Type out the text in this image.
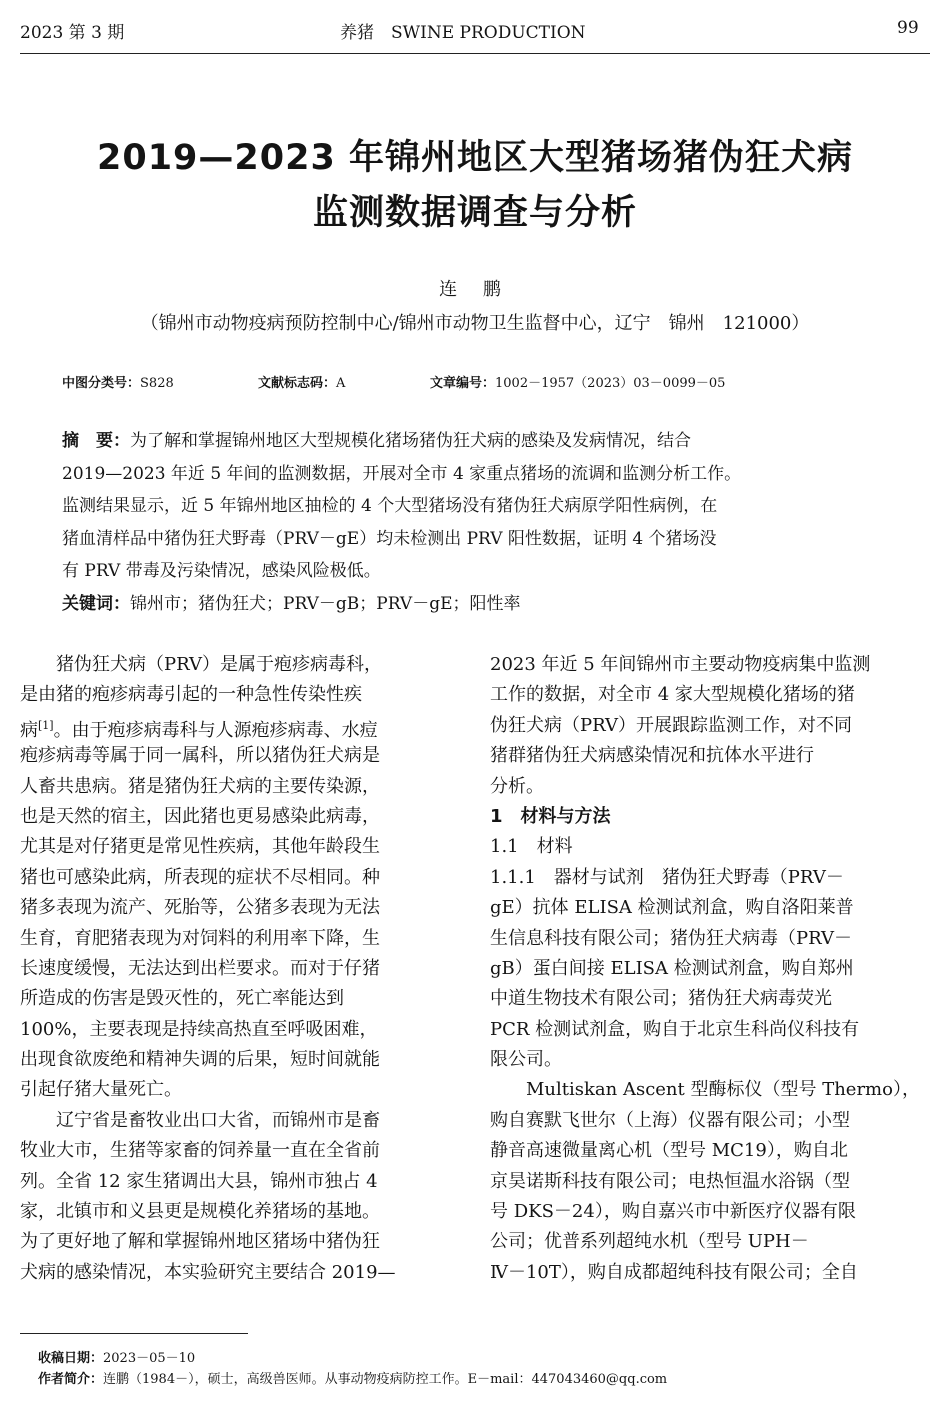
2023 第 3 期	养猪　SWINE PRODUCTION	99
2019—2023 年锦州地区大型猪场猪伪狂犬病
监测数据调查与分析
连 鹏
（锦州市动物疫病预防控制中心/锦州市动物卫生监督中心，辽宁　锦州　121000）
中图分类号：S828	文献标志码：A	文章编号：1002－1957（2023）03－0099－05
摘　要：为了解和掌握锦州地区大型规模化猪场猪伪狂犬病的感染及发病情况，结合
2019—2023 年近 5 年间的监测数据，开展对全市 4 家重点猪场的流调和监测分析工作。
监测结果显示，近 5 年锦州地区抽检的 4 个大型猪场没有猪伪狂犬病原学阳性病例，在
猪血清样品中猪伪狂犬野毒（PRV－gE）均未检测出 PRV 阳性数据，证明 4 个猪场没
有 PRV 带毒及污染情况，感染风险极低。
关键词：锦州市；猪伪狂犬；PRV－gB；PRV－gE；阳性率
　　猪伪狂犬病（PRV）是属于疱疹病毒科，
是由猪的疱疹病毒引起的一种急性传染性疾
病[1]。由于疱疹病毒科与人源疱疹病毒、水痘
疱疹病毒等属于同一属科，所以猪伪狂犬病是
人畜共患病。猪是猪伪狂犬病的主要传染源，
也是天然的宿主，因此猪也更易感染此病毒，
尤其是对仔猪更是常见性疾病，其他年龄段生
猪也可感染此病，所表现的症状不尽相同。种
猪多表现为流产、死胎等，公猪多表现为无法
生育，育肥猪表现为对饲料的利用率下降，生
长速度缓慢，无法达到出栏要求。而对于仔猪
所造成的伤害是毁灭性的，死亡率能达到
100%，主要表现是持续高热直至呼吸困难，
出现食欲废绝和精神失调的后果，短时间就能
引起仔猪大量死亡。
　　辽宁省是畜牧业出口大省，而锦州市是畜
牧业大市，生猪等家畜的饲养量一直在全省前
列。全省 12 家生猪调出大县，锦州市独占 4
家，北镇市和义县更是规模化养猪场的基地。
为了更好地了解和掌握锦州地区猪场中猪伪狂
犬病的感染情况，本实验研究主要结合 2019—
2023 年近 5 年间锦州市主要动物疫病集中监测
工作的数据，对全市 4 家大型规模化猪场的猪
伪狂犬病（PRV）开展跟踪监测工作，对不同
猪群猪伪狂犬病感染情况和抗体水平进行
分析。
1　材料与方法
1.1　材料
1.1.1　器材与试剂　 猪伪狂犬野毒（PRV－
gE）抗体 ELISA 检测试剂盒，购自洛阳莱普
生信息科技有限公司；猪伪狂犬病毒（PRV－
gB）蛋白间接 ELISA 检测试剂盒，购自郑州
中道生物技术有限公司；猪伪狂犬病毒荧光
PCR 检测试剂盒，购自于北京生科尚仪科技有
限公司。
　　Multiskan Ascent 型酶标仪（型号 Thermo），
购自赛默飞世尔（上海）仪器有限公司；小型
静音高速微量离心机（型号 MC19），购自北
京昊诺斯科技有限公司；电热恒温水浴锅（型
号 DKS－24），购自嘉兴市中新医疗仪器有限
公司；优普系列超纯水机（型号 UPH－
Ⅳ－10T），购自成都超纯科技有限公司；全自
收稿日期：2023－05－10
作者简介：连鹏（1984－），硕士，高级兽医师。从事动物疫病防控工作。E－mail：447043460@qq.com
